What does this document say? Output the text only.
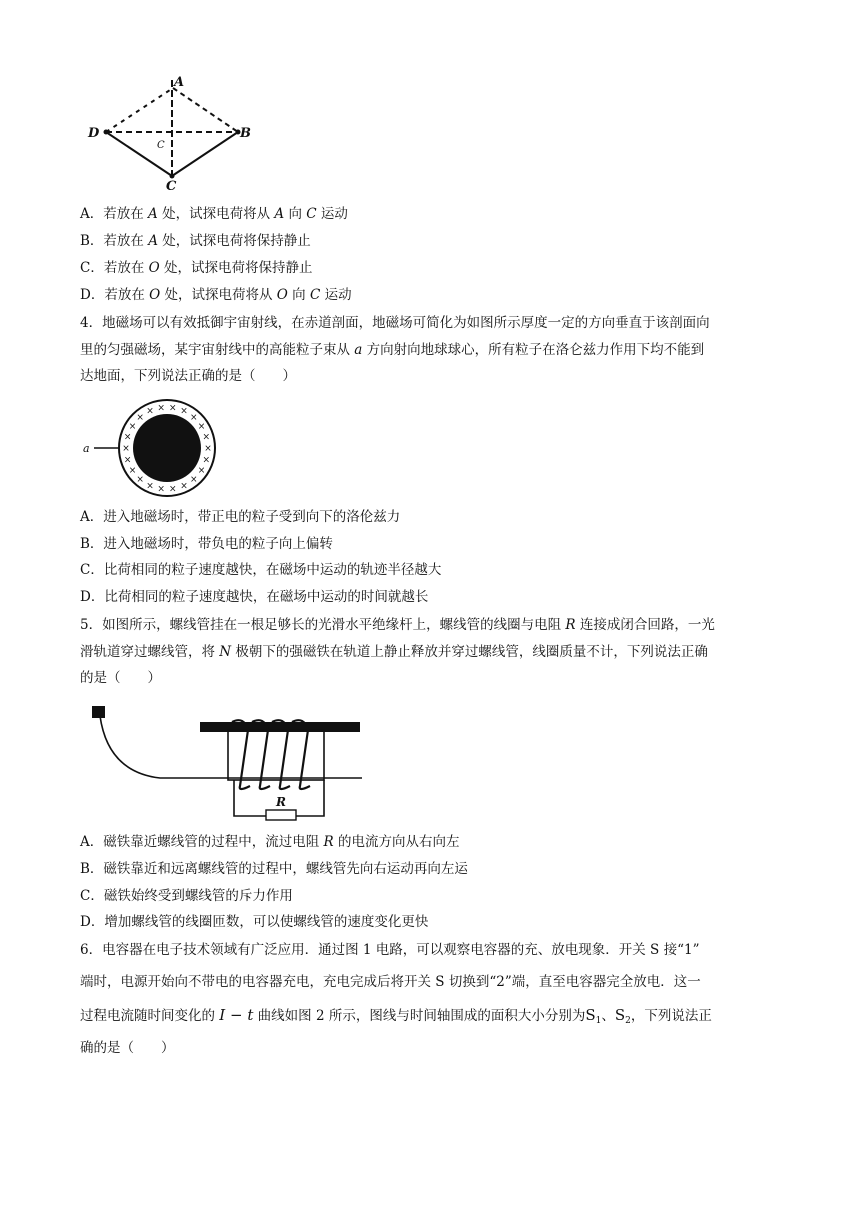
A
D	B
C
C
A．若放在 A 处，试探电荷将从 A 向 C 运动
B．若放在 A 处，试探电荷将保持静止
C．若放在 O 处，试探电荷将保持静止
D．若放在 O 处，试探电荷将从 O 向 C 运动
4．地磁场可以有效抵御宇宙射线，在赤道剖面，地磁场可简化为如图所示厚度一定的方向垂直于该剖面向
里的匀强磁场，某宇宙射线中的高能粒子束从 a 方向射向地球球心，所有粒子在洛仑兹力作用下均不能到
达地面，下列说法正确的是（　　）
a	×
×
×
×
×
×
×
×
×
×
×
×
×
×
×
× × × ×
×
×
×
A．进入地磁场时，带正电的粒子受到向下的洛伦兹力
B．进入地磁场时，带负电的粒子向上偏转
C．比荷相同的粒子速度越快，在磁场中运动的轨迹半径越大
D．比荷相同的粒子速度越快，在磁场中运动的时间就越长
5．如图所示，螺线管挂在一根足够长的光滑水平绝缘杆上，螺线管的线圈与电阻 R 连接成闭合回路，一光
滑轨道穿过螺线管，将 N 极朝下的强磁铁在轨道上静止释放并穿过螺线管，线圈质量不计，下列说法正确
的是（　　）
R
A．磁铁靠近螺线管的过程中，流过电阻 R 的电流方向从右向左
B．磁铁靠近和远离螺线管的过程中，螺线管先向右运动再向左运
C．磁铁始终受到螺线管的斥力作用
D．增加螺线管的线圈匝数，可以使螺线管的速度变化更快
6．电容器在电子技术领域有广泛应用．通过图 1 电路，可以观察电容器的充、放电现象．开关 S 接“1”
端时，电源开始向不带电的电容器充电，充电完成后将开关 S 切换到“2”端，直至电容器完全放电．这一
过程电流随时间变化的 I − t 曲线如图 2 所示，图线与时间轴围成的面积大小分别为$S_1$、$S_2$，下列说法正
确的是（　　）
